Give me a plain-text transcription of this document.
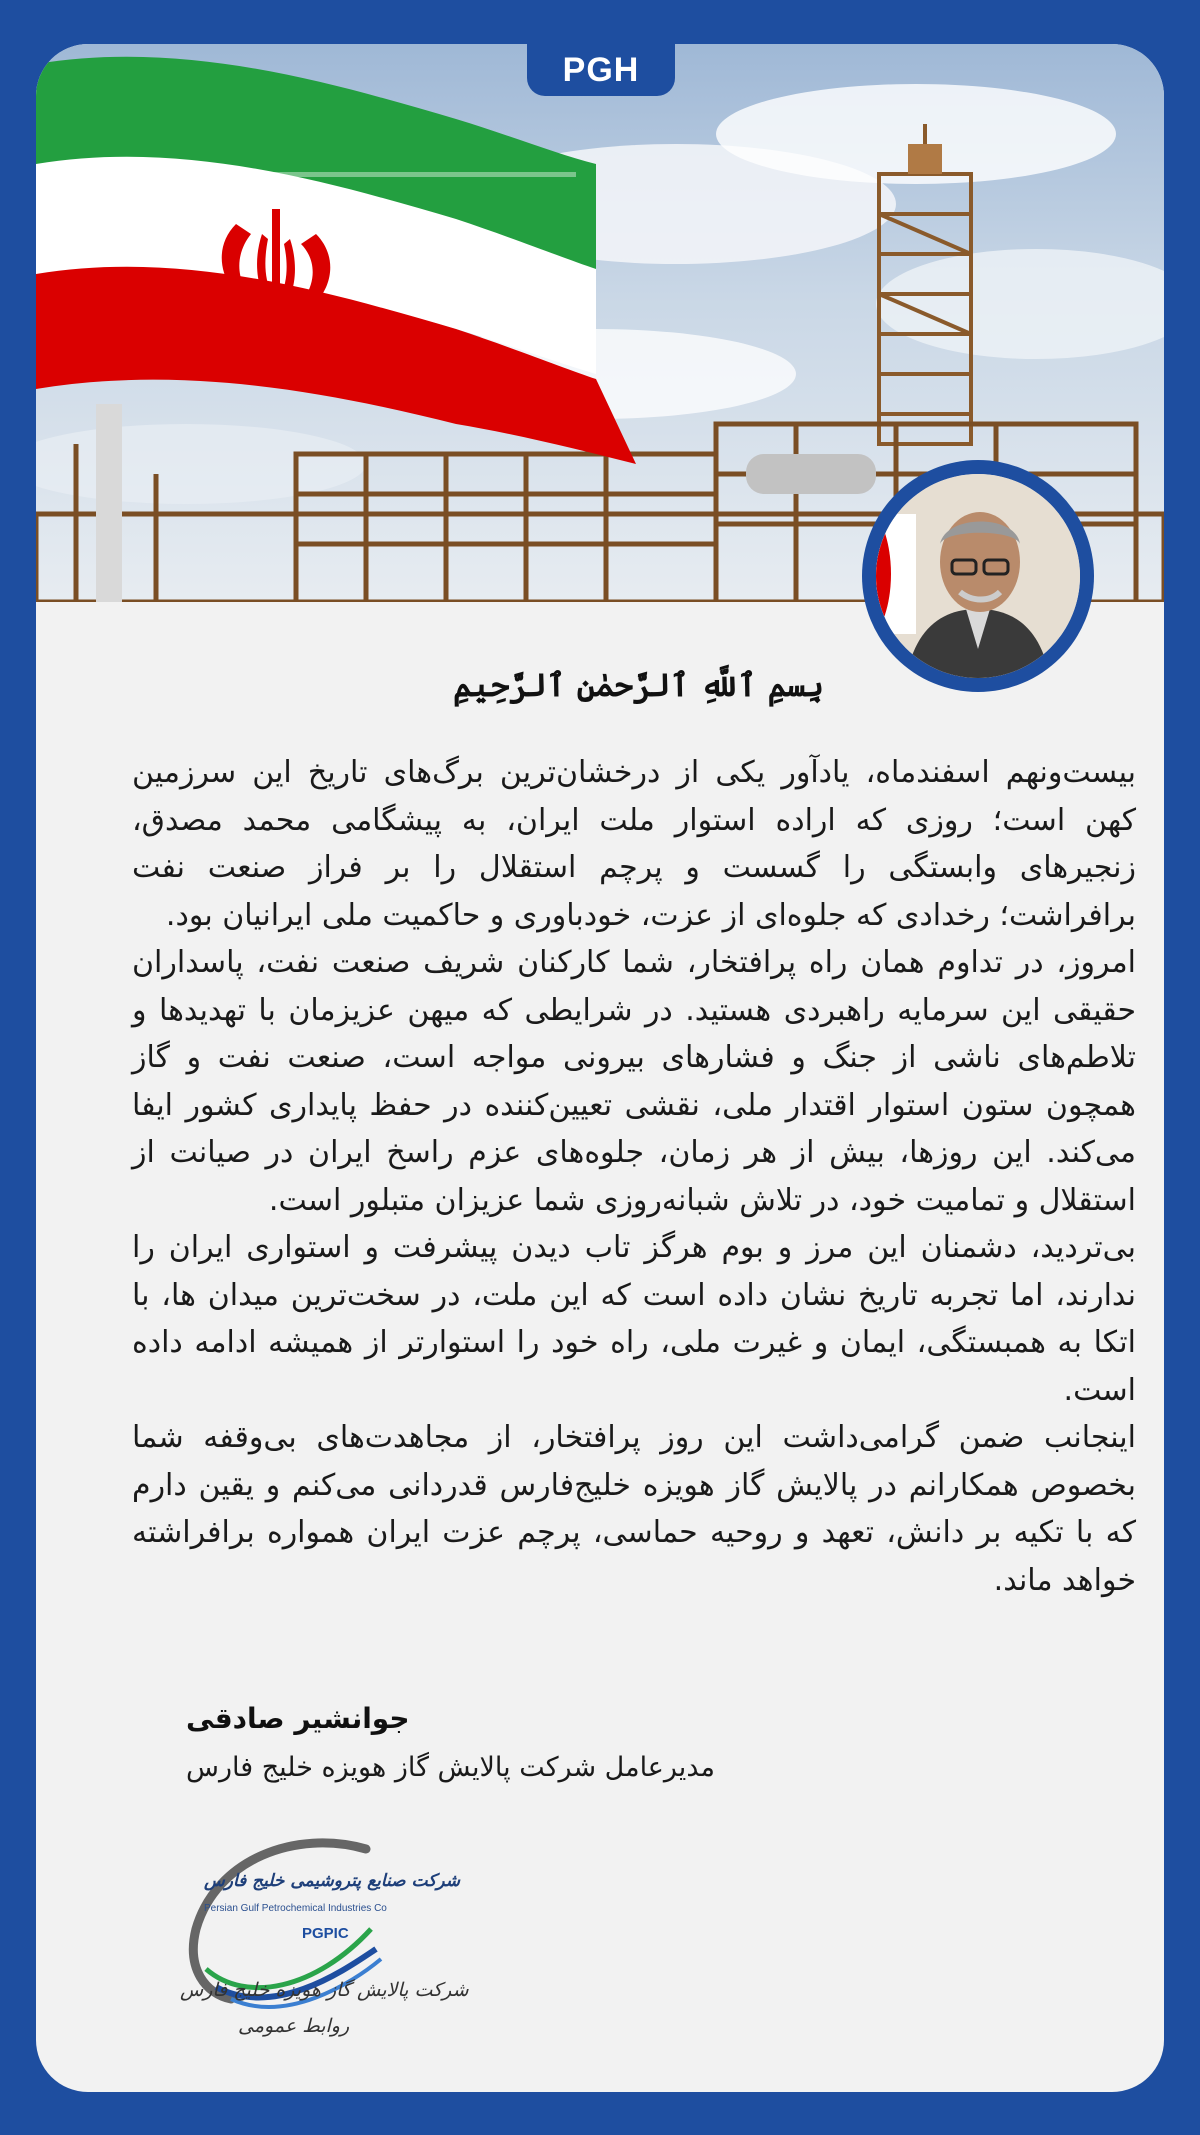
بِسمِ ٱللَّهِ ٱلرَّحمٰنِ ٱلرَّحِيمِ

بیست‌ونهم اسفندماه، یادآور یکی از درخشان‌ترین برگ‌های تاریخ این سرزمین کهن است؛ روزی که اراده استوار ملت ایران، به پیشگامی محمد مصدق، زنجیرهای وابستگی را گسست و پرچم استقلال را بر فراز صنعت نفت برافراشت؛ رخدادی که جلوه‌ای از عزت، خودباوری و حاکمیت ملی ایرانیان بود.

امروز، در تداوم همان راه پرافتخار، شما کارکنان شریف صنعت نفت، پاسداران حقیقی این سرمایه راهبردی هستید. در شرایطی که میهن عزیزمان با تهدیدها و تلاطم‌های ناشی از جنگ و فشارهای بیرونی مواجه است، صنعت نفت و گاز همچون ستون استوار اقتدار ملی، نقشی تعیین‌کننده در حفظ پایداری کشور ایفا می‌کند. این روزها، بیش از هر زمان، جلوه‌های عزم راسخ ایران در صیانت از استقلال و تمامیت خود، در تلاش شبانه‌روزی شما عزیزان متبلور است.

بی‌تردید، دشمنان این مرز و بوم هرگز تاب دیدن پیشرفت و استواری ایران را ندارند، اما تجربه تاریخ نشان داده است که این ملت، در سخت‌ترین میدان ها، با اتکا به همبستگی، ایمان و غیرت ملی، راه خود را استوارتر از همیشه ادامه داده است.

اینجانب ضمن گرامی‌داشت این روز پرافتخار، از مجاهدت‌های بی‌وقفه شما بخصوص همکارانم در پالایش گاز هویزه خلیج‌فارس قدردانی می‌کنم و یقین دارم که با تکیه بر دانش، تعهد و روحیه حماسی، پرچم عزت ایران همواره برافراشته خواهد ماند.

جوانشیر صادقی
مدیرعامل شرکت پالایش گاز هویزه خلیج فارس
شرکت صنایع پتروشیمی خلیج فارس
Persian Gulf Petrochemical Industries Co
PGPIC
شرکت پالایش گاز هویزه خلیج فارس
روابط عمومی
PGH
